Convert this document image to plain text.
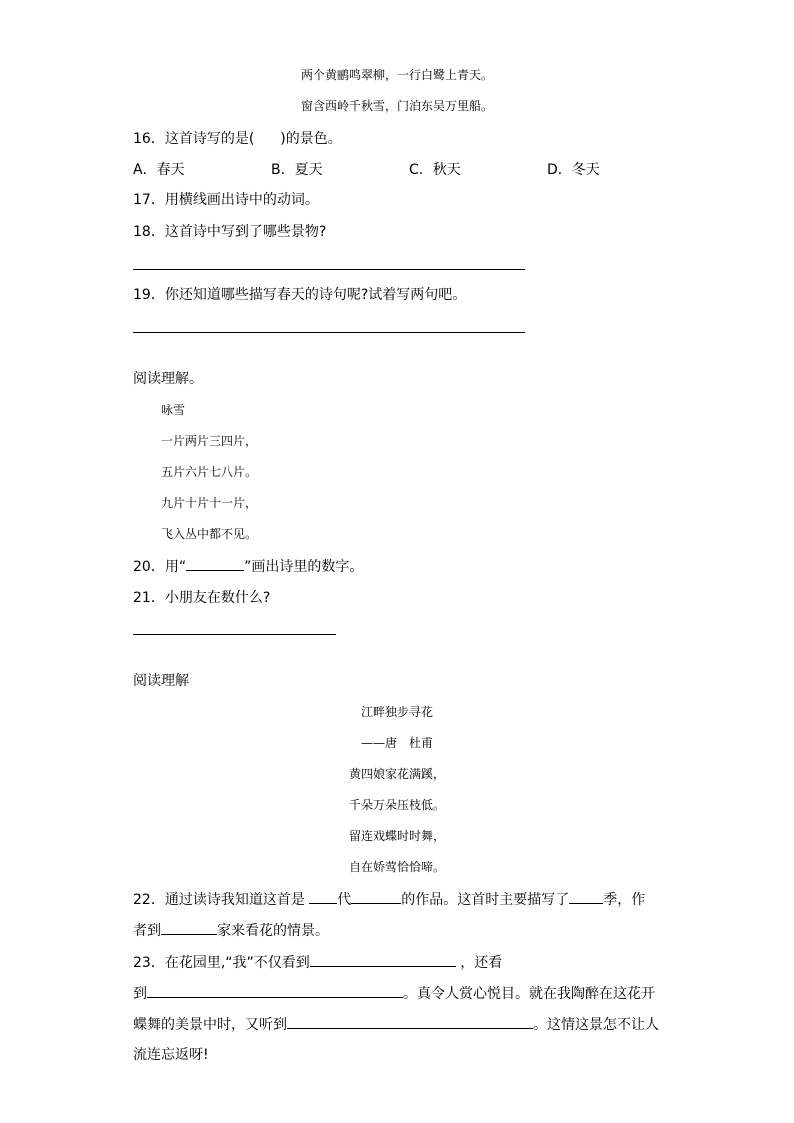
两个黄鹂鸣翠柳，一行白鹭上青天。
窗含西岭千秋雪，门泊东吴万里船。
16．这首诗写的是( )的景色。
A．春天	B．夏天	C．秋天	D．冬天
17．用横线画出诗中的动词。
18．这首诗中写到了哪些景物?
19．你还知道哪些描写春天的诗句呢?试着写两句吧。
阅读理解。
咏雪
一片两片三四片，
五片六片七八片。
九片十片十一片，
飞入丛中都不见。
20．用“	”画出诗里的数字。
21．小朋友在数什么?
阅读理解
江畔独步寻花
——唐　杜甫
黄四娘家花满蹊，
千朵万朵压枝低。
留连戏蝶时时舞，
自在娇莺恰恰啼。
22．通过读诗我知道这首是 代	的作品。这首时主要描写了 季，作
者到	家来看花的情景。
23．在花园里,“我”不仅看到	，还看
到	。真令人赏心悦目。就在我陶醉在这花开
蝶舞的美景中时，又听到	。这情这景怎不让人
流连忘返呀!
